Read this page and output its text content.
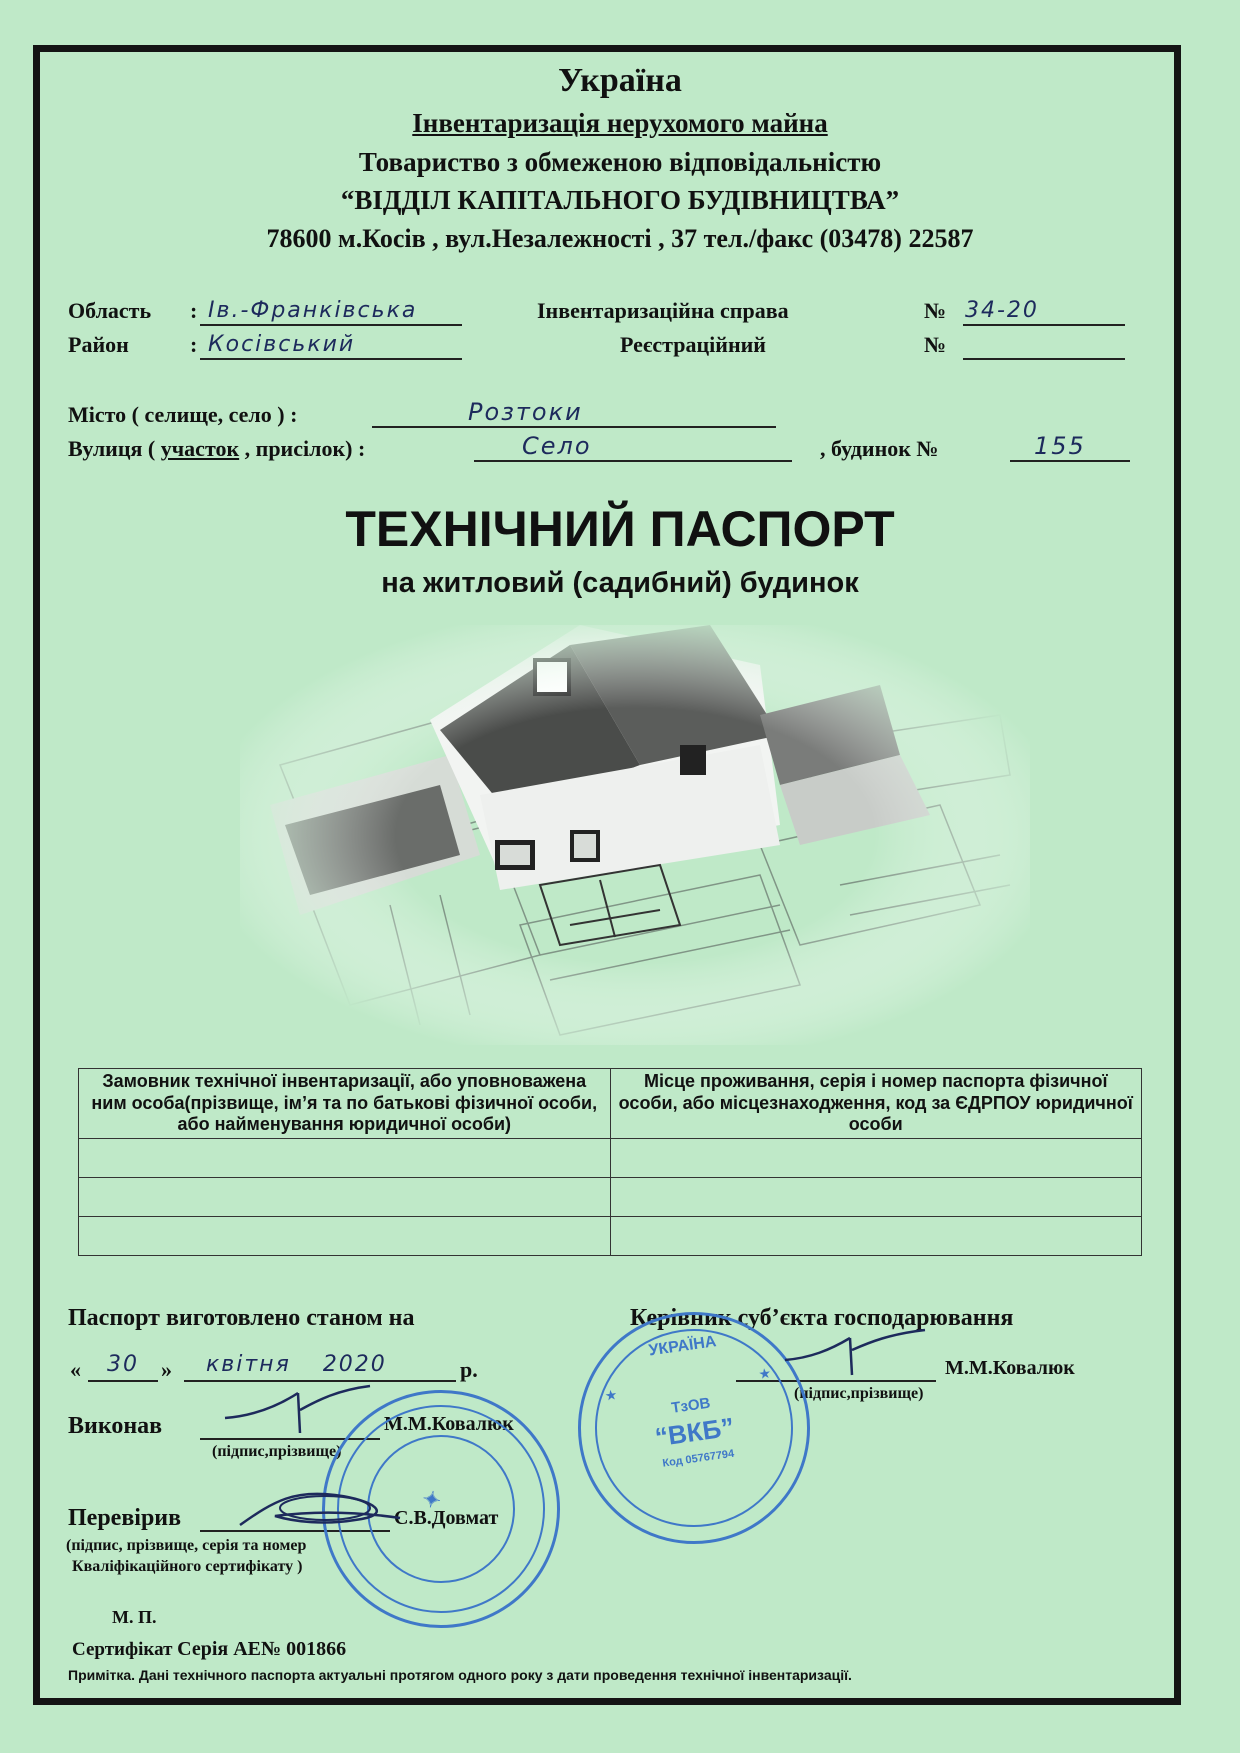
Україна
Інвентаризація нерухомого майна
Товариство з обмеженою відповідальністю
“ВІДДІЛ КАПІТАЛЬНОГО БУДІВНИЦТВА”
78600 м.Косів , вул.Незалежності , 37 тел./факс (03478) 22587
Область : Ів.-Франківська
Район	: Косівський
Інвентаризаційна справа	№ 34-20
Реєстраційний	№
Місто ( селище, село ) :	Розтоки
Вулиця ( участок , присілок) :	Село	, будинок №	155
ТЕХНІЧНИЙ ПАСПОРТ
на житловий (садибний) будинок
Замовник технічної інвентаризації, або уповноважена ним особа(прізвище, ім’я та по батькові фізичної особи, або найменування юридичної особи)	Місце проживання, серія і номер паспорта фізичної особи, або місцезнаходження, код за ЄДРПОУ юридичної особи

Паспорт виготовлено станом на	Керівник суб’єкта господарювання
«	30	»	квітня 2020	р.	М.М.Ковалюк
(підпис,прізвище)
Виконав	М.М.Ковалюк
(підпис,прізвище)
Перевірив	С.В.Довмат
(підпис, прізвище, серія та номер
Кваліфікаційного сертифікату )
М. П.
Сертифікат Серія АЕ№ 001866
Примітка. Дані технічного паспорта актуальні протягом одного року з дати проведення технічної інвентаризації.
УКРАЇНА
ТзОВ
“ВКБ”
Код 05767794
★
★
✦
